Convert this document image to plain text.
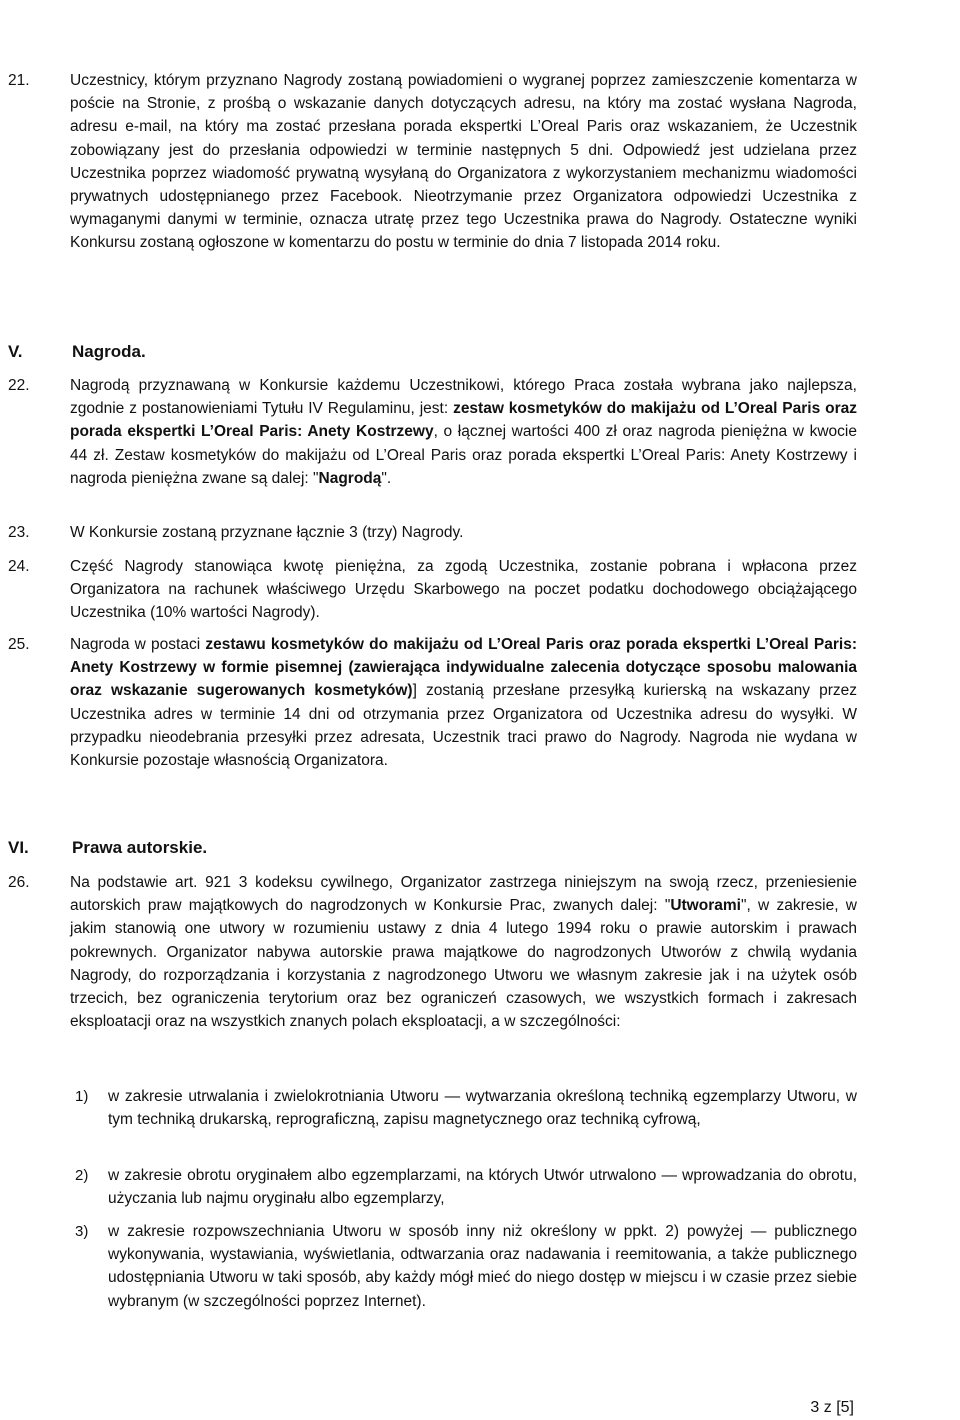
21.	Uczestnicy, którym przyznano Nagrody zostaną powiadomieni o wygranej poprzez zamieszczenie komentarza w poście na Stronie, z prośbą o wskazanie danych dotyczących adresu, na który ma zostać wysłana Nagroda, adresu e-mail, na który ma zostać przesłana porada ekspertki L’Oreal Paris oraz wskazaniem, że Uczestnik zobowiązany jest do przesłania odpowiedzi w terminie następnych 5 dni. Odpowiedź jest udzielana przez Uczestnika poprzez wiadomość prywatną wysyłaną do Organizatora z wykorzystaniem mechanizmu wiadomości prywatnych udostępnianego przez Facebook. Nieotrzymanie przez Organizatora odpowiedzi Uczestnika z wymaganymi danymi w terminie, oznacza utratę przez tego Uczestnika prawa do Nagrody. Ostateczne wyniki Konkursu zostaną ogłoszone w komentarzu do postu w terminie do dnia 7 listopada 2014 roku.
V.	Nagroda.
22.	Nagrodą przyznawaną w Konkursie każdemu Uczestnikowi, którego Praca została wybrana jako najlepsza, zgodnie z postanowieniami Tytułu IV Regulaminu, jest: zestaw kosmetyków do makijażu od L’Oreal Paris oraz porada ekspertki L’Oreal Paris: Anety Kostrzewy, o łącznej wartości 400 zł oraz nagroda pieniężna w kwocie 44 zł. Zestaw kosmetyków do makijażu od L’Oreal Paris oraz porada ekspertki L’Oreal Paris: Anety Kostrzewy i nagroda pieniężna zwane są dalej: "Nagrodą".
23.	W Konkursie zostaną przyznane łącznie 3 (trzy) Nagrody.
24.	Część Nagrody stanowiąca kwotę pieniężna, za zgodą Uczestnika, zostanie pobrana i wpłacona przez Organizatora na rachunek właściwego Urzędu Skarbowego na poczet podatku dochodowego obciążającego Uczestnika (10% wartości Nagrody).
25.	Nagroda w postaci zestawu kosmetyków do makijażu od L’Oreal Paris oraz porada ekspertki L’Oreal Paris: Anety Kostrzewy w formie pisemnej (zawierająca indywidualne zalecenia dotyczące sposobu malowania oraz wskazanie sugerowanych kosmetyków)] zostanią przesłane przesyłką kurierską na wskazany przez Uczestnika adres w terminie 14 dni od otrzymania przez Organizatora od Uczestnika adresu do wysyłki. W przypadku nieodebrania przesyłki przez adresata, Uczestnik traci prawo do Nagrody. Nagroda nie wydana w Konkursie pozostaje własnością Organizatora.
VI.	Prawa autorskie.
26.	Na podstawie art. 921 3 kodeksu cywilnego, Organizator zastrzega niniejszym na swoją rzecz, przeniesienie autorskich praw majątkowych do nagrodzonych w Konkursie Prac, zwanych dalej: "Utworami", w zakresie, w jakim stanowią one utwory w rozumieniu ustawy z dnia 4 lutego 1994 roku o prawie autorskim i prawach pokrewnych. Organizator nabywa autorskie prawa majątkowe do nagrodzonych Utworów z chwilą wydania Nagrody, do rozporządzania i korzystania z nagrodzonego Utworu we własnym zakresie jak i na użytek osób trzecich, bez ograniczenia terytorium oraz bez ograniczeń czasowych, we wszystkich formach i zakresach eksploatacji oraz na wszystkich znanych polach eksploatacji, a w szczególności:
1) w zakresie utrwalania i zwielokrotniania Utworu — wytwarzania określoną techniką egzemplarzy Utworu, w tym techniką drukarską, reprograficzną, zapisu magnetycznego oraz techniką cyfrową,
2) w zakresie obrotu oryginałem albo egzemplarzami, na których Utwór utrwalono — wprowadzania do obrotu, użyczania lub najmu oryginału albo egzemplarzy,
3) w zakresie rozpowszechniania Utworu w sposób inny niż określony w ppkt. 2) powyżej — publicznego wykonywania, wystawiania, wyświetlania, odtwarzania oraz nadawania i reemitowania, a także publicznego udostępniania Utworu w taki sposób, aby każdy mógł mieć do niego dostęp w miejscu i w czasie przez siebie wybranym (w szczególności poprzez Internet).
3 z [5]
